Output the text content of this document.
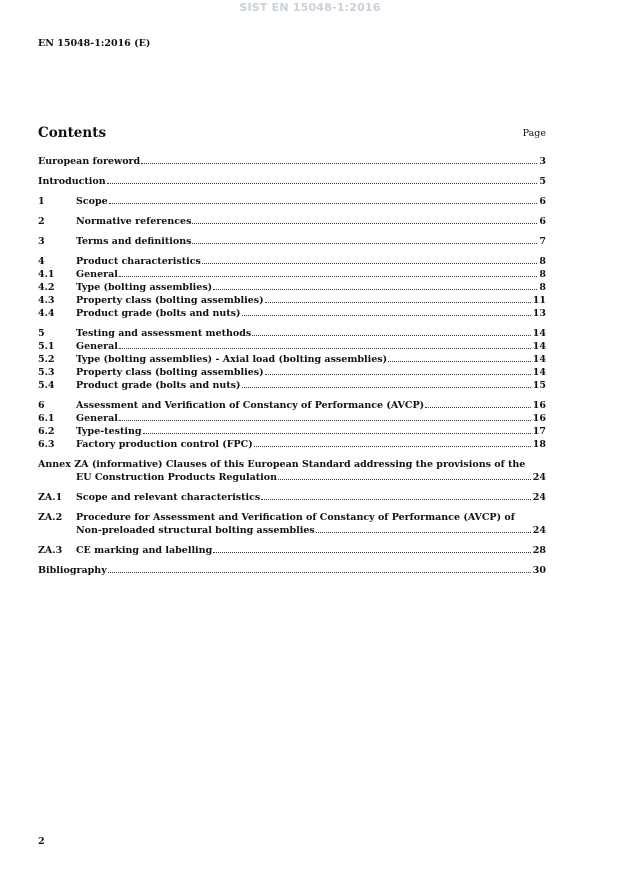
SIST EN 15048-1:2016
EN 15048-1:2016 (E)
Contents	Page
European foreword	3
Introduction	5
1	Scope	6
2	Normative references	6
3	Terms and definitions	7
4	Product characteristics	8
4.1	General	8
4.2	Type (bolting assemblies)	8
4.3	Property class (bolting assemblies)	11
4.4	Product grade (bolts and nuts)	13
5	Testing and assessment methods	14
5.1	General	14
5.2	Type (bolting assemblies) - Axial load (bolting assemblies)	14
5.3	Property class (bolting assemblies)	14
5.4	Product grade (bolts and nuts)	15
6	Assessment and Verification of Constancy of Performance (AVCP)	16
6.1	General	16
6.2	Type-testing	17
6.3	Factory production control (FPC)	18
Annex ZA (informative) Clauses of this European Standard addressing the provisions of the
EU Construction Products Regulation	24
ZA.1	Scope and relevant characteristics	24
ZA.2	Procedure for Assessment and Verification of Constancy of Performance (AVCP) of
Non-preloaded structural bolting assemblies	24
ZA.3	CE marking and labelling	28
Bibliography	30
2
